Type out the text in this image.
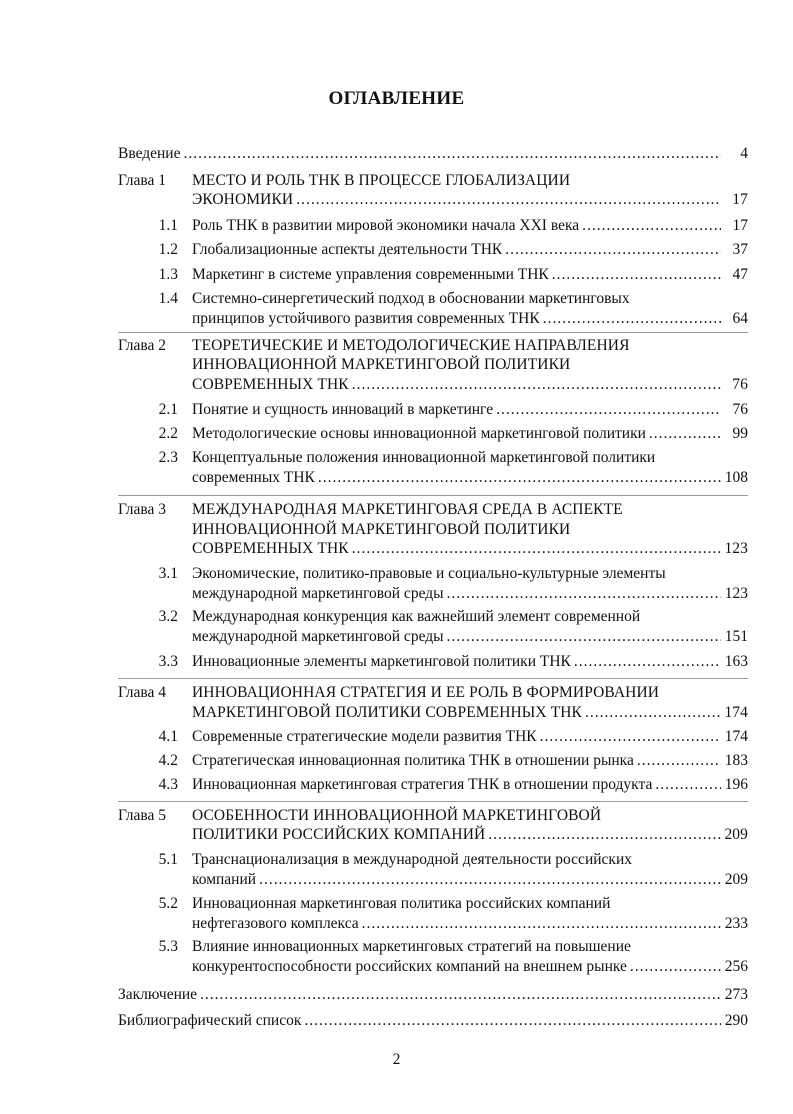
ОГЛАВЛЕНИЕ
Введение .....	4
Глава 1 МЕСТО И РОЛЬ ТНК В ПРОЦЕССЕ ГЛОБАЛИЗАЦИИ
ЭКОНОМИКИ .....	17
1.1 Роль ТНК в развитии мировой экономики начала XXI века .....	17
1.2 Глобализационные аспекты деятельности ТНК .....	37
1.3 Маркетинг в системе управления современными ТНК .....	47
1.4 Системно-синергетический подход в обосновании маркетинговых
принципов устойчивого развития современных ТНК .....	64
Глава 2 ТЕОРЕТИЧЕСКИЕ И МЕТОДОЛОГИЧЕСКИЕ НАПРАВЛЕНИЯ
ИННОВАЦИОННОЙ МАРКЕТИНГОВОЙ ПОЛИТИКИ
СОВРЕМЕННЫХ ТНК .....	76
2.1 Понятие и сущность инноваций в маркетинге .....	76
2.2 Методологические основы инновационной маркетинговой политики .....	99
2.3 Концептуальные положения инновационной маркетинговой политики
современных ТНК .....	108
Глава 3 МЕЖДУНАРОДНАЯ МАРКЕТИНГОВАЯ СРЕДА В АСПЕКТЕ
ИННОВАЦИОННОЙ МАРКЕТИНГОВОЙ ПОЛИТИКИ
СОВРЕМЕННЫХ ТНК .....	123
3.1 Экономические, политико-правовые и социально-культурные элементы
международной маркетинговой среды .....	123
3.2 Международная конкуренция как важнейший элемент современной
международной маркетинговой среды .....	151
3.3 Инновационные элементы маркетинговой политики ТНК .....	163
Глава 4 ИННОВАЦИОННАЯ СТРАТЕГИЯ И ЕЕ РОЛЬ В ФОРМИРОВАНИИ
МАРКЕТИНГОВОЙ ПОЛИТИКИ СОВРЕМЕННЫХ ТНК .....	174
4.1 Современные стратегические модели развития ТНК .....	174
4.2 Стратегическая инновационная политика ТНК в отношении рынка .....	183
4.3 Инновационная маркетинговая стратегия ТНК в отношении продукта .....	196
Глава 5 ОСОБЕННОСТИ ИННОВАЦИОННОЙ МАРКЕТИНГОВОЙ
ПОЛИТИКИ РОССИЙСКИХ КОМПАНИЙ .....	209
5.1 Транснационализация в международной деятельности российских
компаний .....	209
5.2 Инновационная маркетинговая политика российских компаний
нефтегазового комплекса .....	233
5.3 Влияние инновационных маркетинговых стратегий на повышение
конкурентоспособности российских компаний на внешнем рынке .....	256
Заключение .....	273
Библиографический список .....	290
2
